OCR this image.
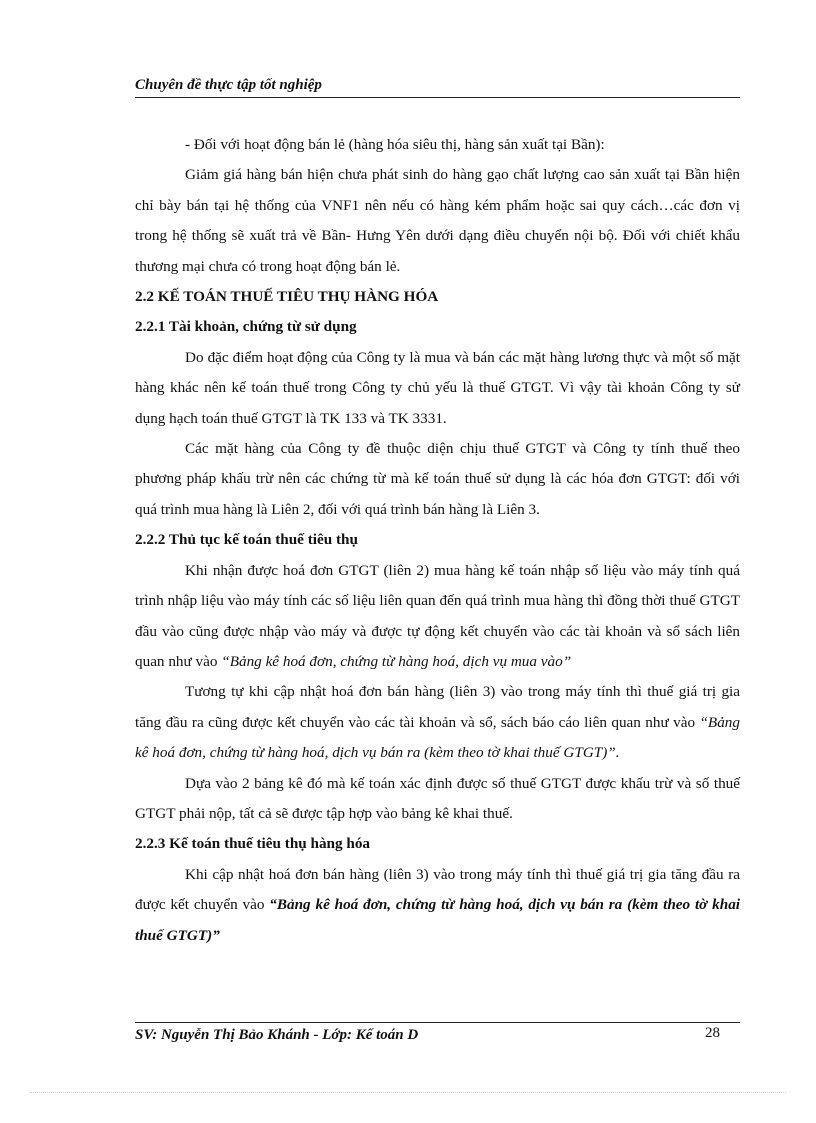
Chuyên đề thực tập tốt nghiệp

- Đối với hoạt động bán lẻ (hàng hóa siêu thị, hàng sản xuất tại Bần):

Giảm giá hàng bán hiện chưa phát sinh do hàng gạo chất lượng cao sản xuất tại Bần hiện chỉ bày bán tại hệ thống của VNF1 nên nếu có hàng kém phẩm hoặc sai quy cách…các đơn vị trong hệ thống sẽ xuất trả về Bần- Hưng Yên dưới dạng điều chuyển nội bộ. Đối với chiết khẩu thương mại chưa có trong hoạt động bán lẻ.

2.2 KẾ TOÁN THUẾ TIÊU THỤ HÀNG HÓA

2.2.1 Tài khoản, chứng từ sử dụng

Do đặc điểm hoạt động của Công ty là mua và bán các mặt hàng lương thực và một số mặt hàng khác nên kế toán thuế trong Công ty chủ yếu là thuế GTGT. Vì vậy tài khoản Công ty sử dụng hạch toán thuế GTGT là TK 133 và TK 3331.

Các mặt hàng của Công ty đề thuộc diện chịu thuế GTGT và Công ty tính thuế theo phương pháp khấu trừ nên các chứng từ mà kế toán thuế sử dụng là các hóa đơn GTGT: đối với quá trình mua hàng là Liên 2, đối với quá trình bán hàng là Liên 3.

2.2.2 Thủ tục kế toán thuế tiêu thụ

Khi nhận được hoá đơn GTGT (liên 2) mua hàng kế toán nhập số liệu vào máy tính quá trình nhập liệu vào máy tính các số liệu liên quan đến quá trình mua hàng thì đồng thời thuế GTGT đầu vào cũng được nhập vào máy và được tự động kết chuyển vào các tài khoản và sổ sách liên quan như vào “Bảng kê hoá đơn, chứng từ hàng hoá, dịch vụ mua vào”

Tương tự khi cập nhật hoá đơn bán hàng (liên 3) vào trong máy tính thì thuế giá trị gia tăng đầu ra cũng được kết chuyển vào các tài khoản và sổ, sách báo cáo liên quan như vào “Bảng kê hoá đơn, chứng từ hàng hoá, dịch vụ bán ra (kèm theo tờ khai thuế GTGT)”.

Dựa vào 2 bảng kê đó mà kế toán xác định được số thuế GTGT được khấu trừ và số thuế GTGT phải nộp, tất cả sẽ được tập hợp vào bảng kê khai thuế.

2.2.3 Kế toán thuế tiêu thụ hàng hóa

Khi cập nhật hoá đơn bán hàng (liên 3) vào trong máy tính thì thuế giá trị gia tăng đầu ra được kết chuyển vào “Bảng kê hoá đơn, chứng từ hàng hoá, dịch vụ bán ra (kèm theo tờ khai thuế GTGT)”

SV: Nguyễn Thị Bảo Khánh - Lớp: Kế toán D	28
